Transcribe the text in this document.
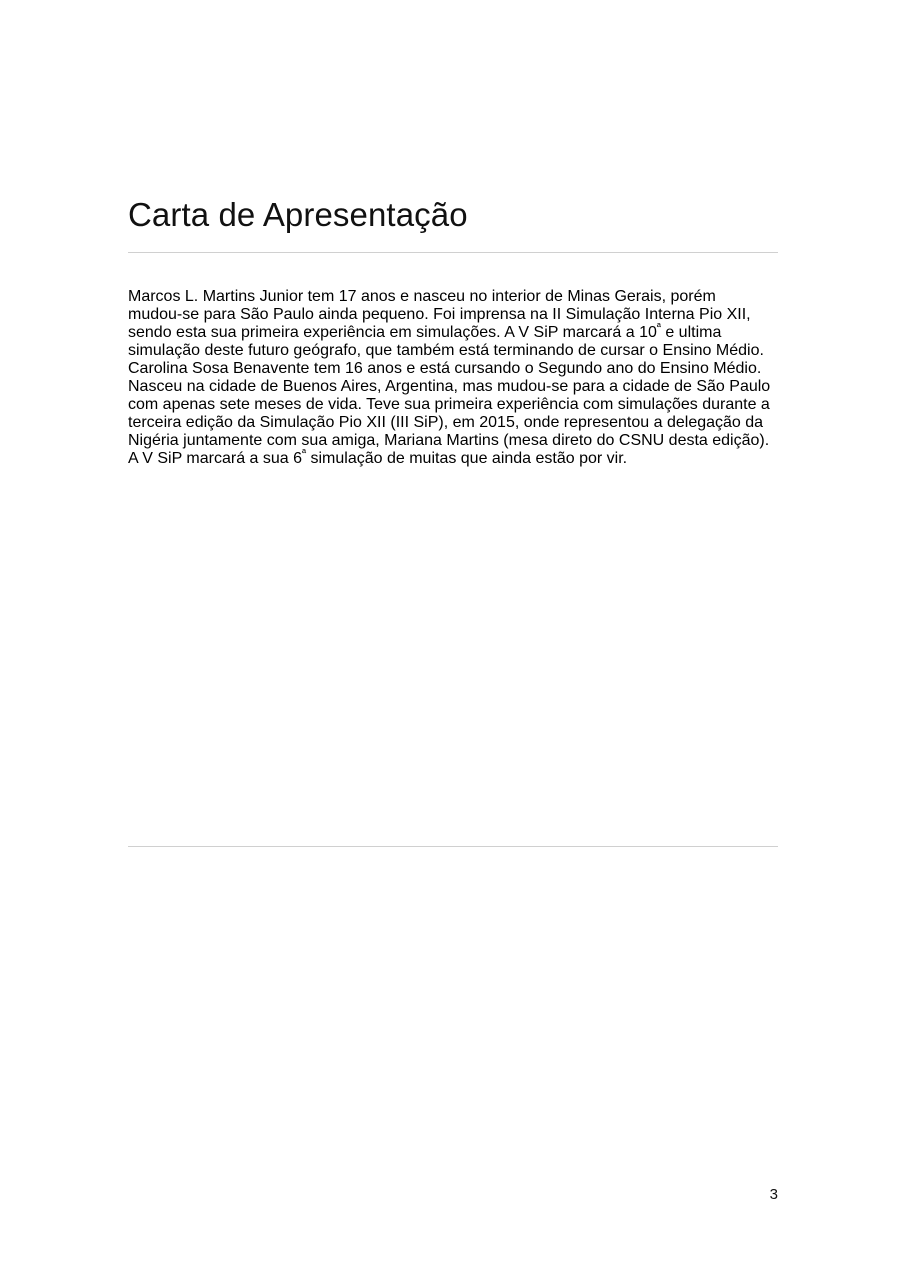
Carta de Apresentação
Marcos L. Martins Junior tem 17 anos e nasceu no interior de Minas Gerais, porém mudou-se para São Paulo ainda pequeno. Foi imprensa na II Simulação Interna Pio XII, sendo esta sua primeira experiência em simulações. A V SiP marcará a $10^ª$ e ultima simulação deste futuro geógrafo, que também está terminando de cursar o Ensino Médio. Carolina Sosa Benavente tem 16 anos e está cursando o Segundo ano do Ensino Médio. Nasceu na cidade de Buenos Aires, Argentina, mas mudou-se para a cidade de São Paulo com apenas sete meses de vida. Teve sua primeira experiência com simulações durante a terceira edição da Simulação Pio XII (III SiP), em 2015, onde representou a delegação da Nigéria juntamente com sua amiga, Mariana Martins (mesa direto do CSNU desta edição). A V SiP marcará a sua $6^ª$ simulação de muitas que ainda estão por vir.
3
